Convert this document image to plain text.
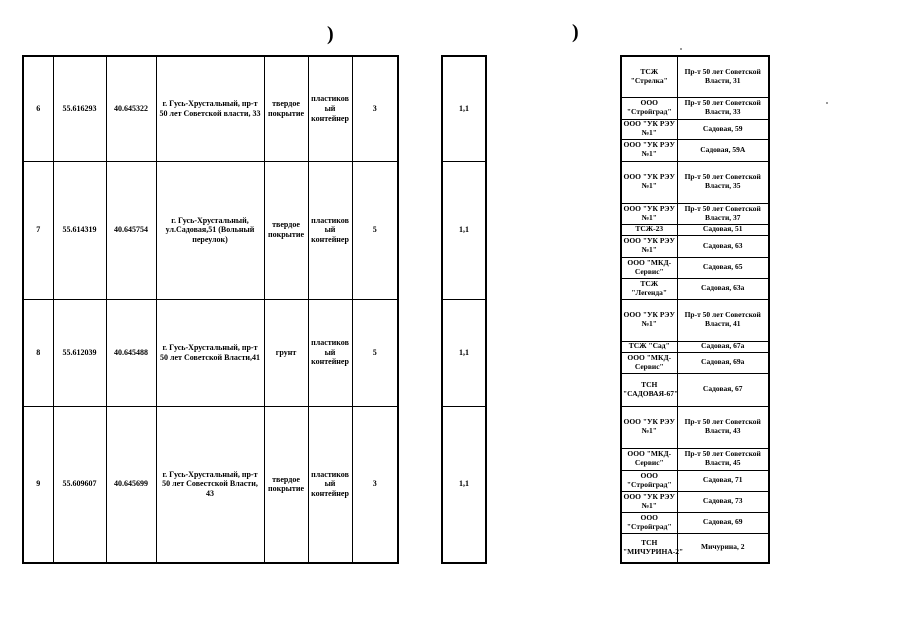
)	)
6	55.616293	40.645322	г. Гусь-Хрустальный, пр-т 50 лет Советской власти, 33	твердое покрытие	пластиков ый контейнер	3
7	55.614319	40.645754	г. Гусь-Хрустальный, ул.Садовая,51 (Вольный переулок)	твердое покрытие	пластиков ый контейнер	5
8	55.612039	40.645488	г. Гусь-Хрустальный, пр-т 50 лет Советской Власти,41	грунт	пластиков ый контейнер	5
9	55.609607	40.645699	г. Гусь-Хрустальный, пр-т 50 лет Совестской Власти, 43	твердое покрытие	пластиков ый контейнер	3
1,1
1,1
1,1
1,1
ТСЖ "Стрелка"	Пр-т 50 лет Советской Власти, 31
ООО "Стройград"	Пр-т 50 лет Советской Власти, 33
ООО "УК РЭУ №1"	Садовая, 59
ООО "УК РЭУ №1"	Садовая, 59А
ООО "УК РЭУ №1"	Пр-т 50 лет Советской Власти, 35
ООО "УК РЭУ №1"	Пр-т 50 лет Советской Власти, 37
ТСЖ-23	Садовая, 51
ООО "УК РЭУ №1"	Садовая, 63
ООО "МКД-Сервис"	Садовая, 65
ТСЖ "Легенда"	Садовая, 63а
ООО "УК РЭУ №1"	Пр-т 50 лет Советской Власти, 41
ТСЖ "Сад"	Садовая, 67а
ООО "МКД-Сервис"	Садовая, 69а
ТСН "САДОВАЯ-67"	Садовая, 67
ООО "УК РЭУ №1"	Пр-т 50 лет Советской Власти, 43
ООО "МКД-Сервис"	Пр-т 50 лет Советской Власти, 45
ООО "Стройград"	Садовая, 71
ООО "УК РЭУ №1"	Садовая, 73
ООО "Стройград"	Садовая, 69
ТСН "МИЧУРИНА-2"	Мичурина, 2
